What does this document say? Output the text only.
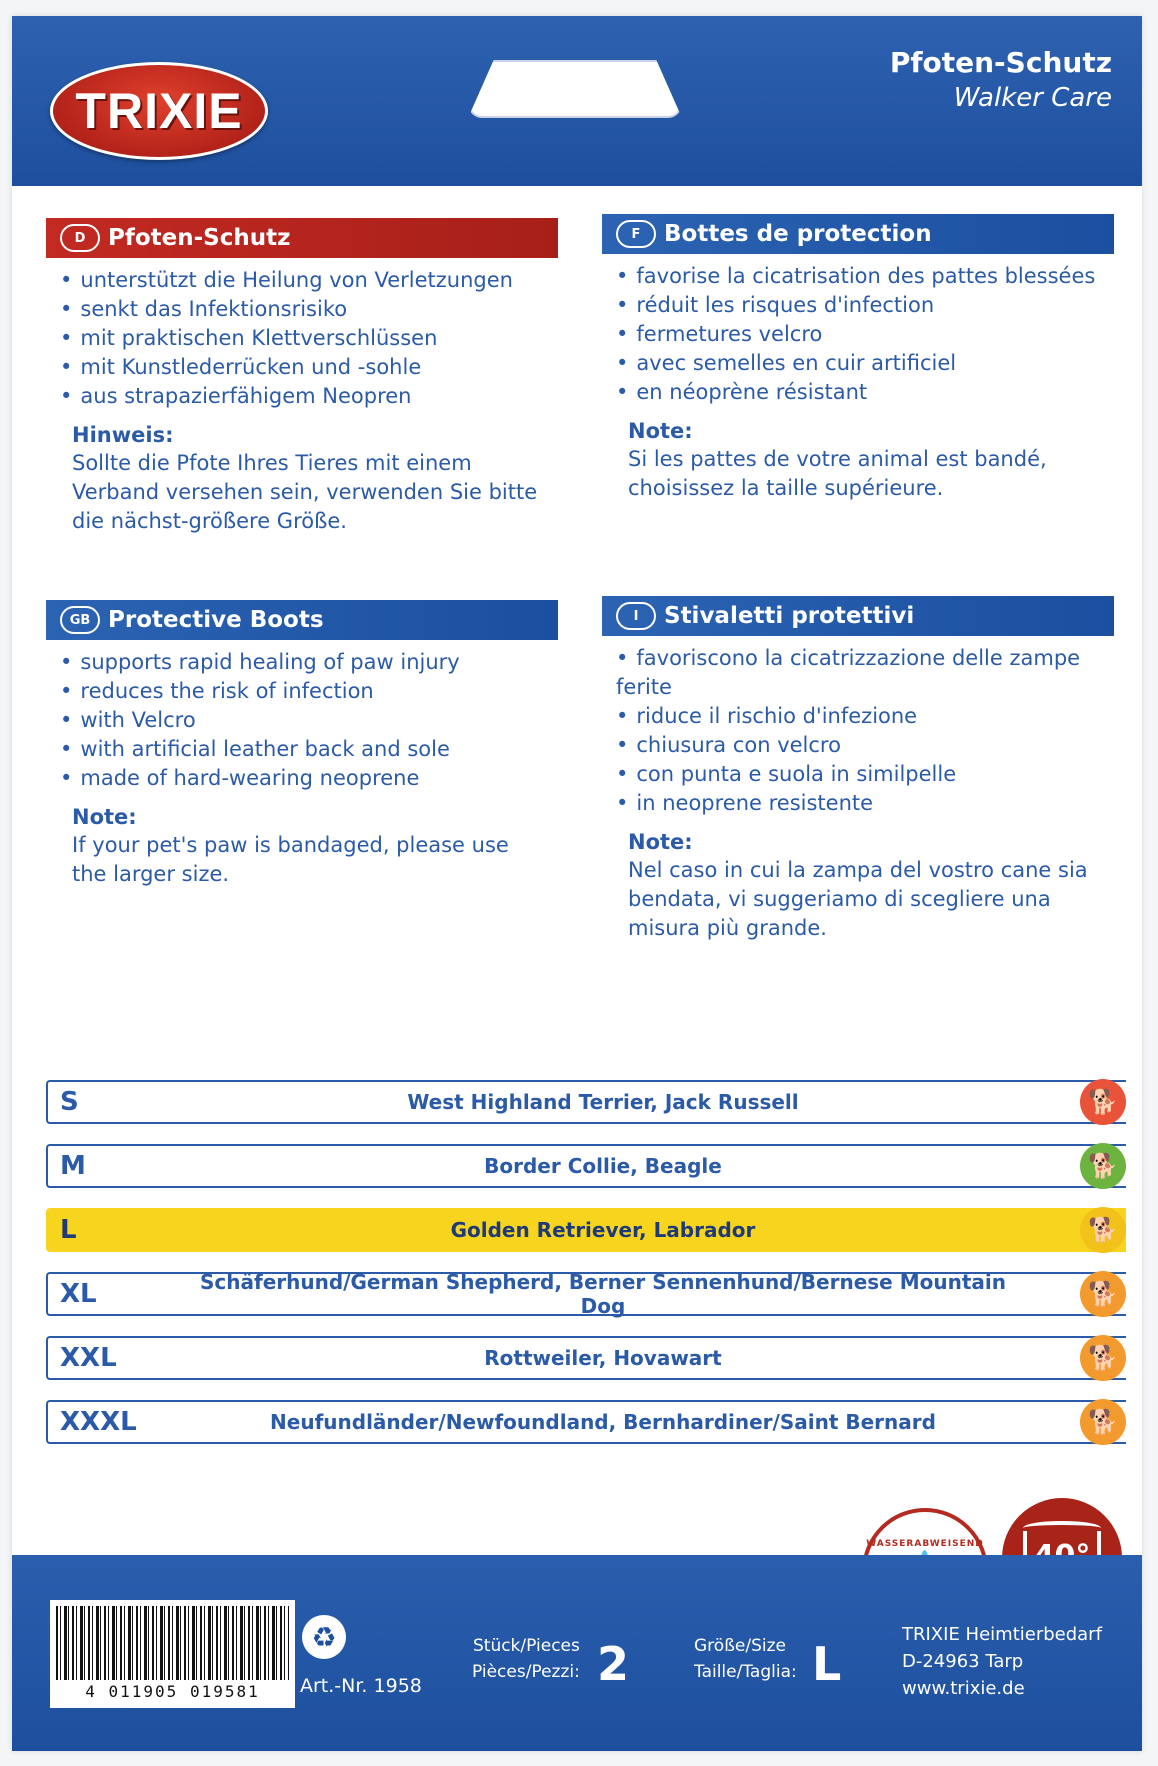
TRIXIE
Pfoten-Schutz
Walker Care
D Pfoten-Schutz
• unterstützt die Heilung von Verletzungen
• senkt das Infektionsrisiko
• mit praktischen Klettverschlüssen
• mit Kunstlederrücken und -sohle
• aus strapazierfähigem Neopren
Hinweis:
Sollte die Pfote Ihres Tieres mit einem Verband versehen sein, verwenden Sie bitte die nächst-größere Größe.
F	Bottes de protection
• favorise la cicatrisation des pattes blessées
• réduit les risques d'infection
• fermetures velcro
• avec semelles en cuir artificiel
• en néoprène résistant
Note:
Si les pattes de votre animal est bandé, choisissez la taille supérieure.
GB Protective Boots
• supports rapid healing of paw injury
• reduces the risk of infection
• with Velcro
• with artificial leather back and sole
• made of hard-wearing neoprene
Note:
If your pet's paw is bandaged, please use the larger size.
I	Stivaletti protettivi
• favoriscono la cicatrizzazione delle zampe ferite
• riduce il rischio d'infezione
• chiusura con velcro
• con punta e suola in similpelle
• in neoprene resistente
Note:
Nel caso in cui la zampa del vostro cane sia bendata, vi suggeriamo di scegliere una misura più grande.
S	West Highland Terrier, Jack Russell	🐕
M	Border Collie, Beagle	🐕
L	Golden Retriever, Labrador	🐕
XL	Schäferhund/German Shepherd, Berner Sennenhund/Bernese Mountain Dog	🐕
XXL	Rottweiler, Hovawart	🐕
XXXL	Neufundländer/Newfoundland, Bernhardiner/Saint Bernard	🐕
WASSERABWEISEND
4 011905 019581
♻
Art.-Nr. 1958
Stück/Pieces
Pièces/Pezzi: 2	Größe/Size
Taille/Taglia: L
TRIXIE Heimtierbedarf
D-24963 Tarp
www.trixie.de
